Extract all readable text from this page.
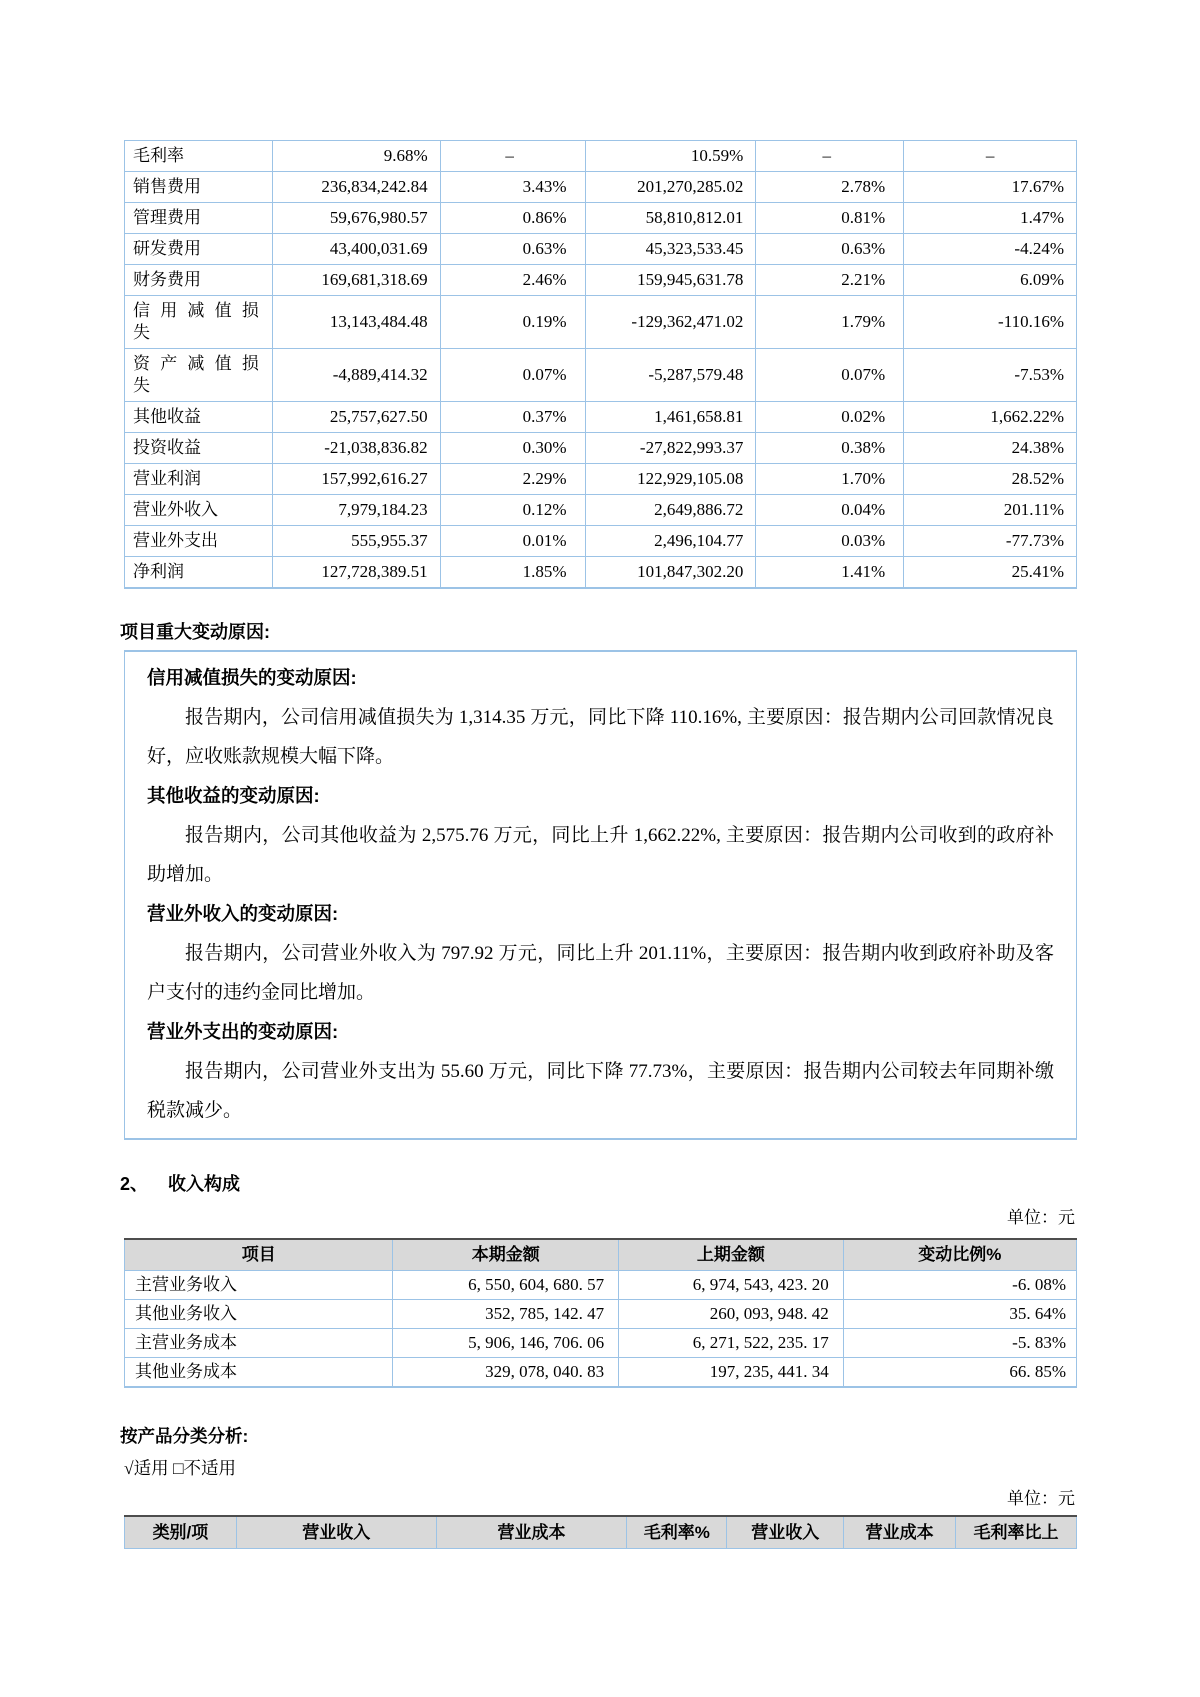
毛利率	9.68%	–	10.59%	–	–
销售费用	236,834,242.84	3.43%	201,270,285.02	2.78%	17.67%
管理费用	59,676,980.57	0.86%	58,810,812.01	0.81%	1.47%
研发费用	43,400,031.69	0.63%	45,323,533.45	0.63%	-4.24%
财务费用	169,681,318.69	2.46%	159,945,631.78	2.21%	6.09%
信用减值损失	13,143,484.48	0.19%	-129,362,471.02	1.79%	-110.16%
资产减值损失	-4,889,414.32	0.07%	-5,287,579.48	0.07%	-7.53%
其他收益	25,757,627.50	0.37%	1,461,658.81	0.02%	1,662.22%
投资收益	-21,038,836.82	0.30%	-27,822,993.37	0.38%	24.38%
营业利润	157,992,616.27	2.29%	122,929,105.08	1.70%	28.52%
营业外收入	7,979,184.23	0.12%	2,649,886.72	0.04%	201.11%
营业外支出	555,955.37	0.01%	2,496,104.77	0.03%	-77.73%
净利润	127,728,389.51	1.85%	101,847,302.20	1.41%	25.41%
项目重大变动原因:

信用减值损失的变动原因:

报告期内，公司信用减值损失为 1,314.35 万元，同比下降 110.16%, 主要原因：报告期内公司回款情况良好，应收账款规模大幅下降。

其他收益的变动原因:

报告期内，公司其他收益为 2,575.76 万元，同比上升 1,662.22%, 主要原因：报告期内公司收到的政府补助增加。

营业外收入的变动原因:

报告期内，公司营业外收入为 797.92 万元，同比上升 201.11%，主要原因：报告期内收到政府补助及客户支付的违约金同比增加。

营业外支出的变动原因:

报告期内，公司营业外支出为 55.60 万元，同比下降 77.73%，主要原因：报告期内公司较去年同期补缴税款减少。

2、 收入构成
单位：元
项目	本期金额	上期金额	变动比例%
主营业务收入	6, 550, 604, 680. 57	6, 974, 543, 423. 20	-6. 08%
其他业务收入	352, 785, 142. 47	260, 093, 948. 42	35. 64%
主营业务成本	5, 906, 146, 706. 06	6, 271, 522, 235. 17	-5. 83%
其他业务成本	329, 078, 040. 83	197, 235, 441. 34	66. 85%
按产品分类分析:
√适用 □不适用
单位：元
类别/项	营业收入	营业成本	毛利率%	营业收入	营业成本	毛利率比上
